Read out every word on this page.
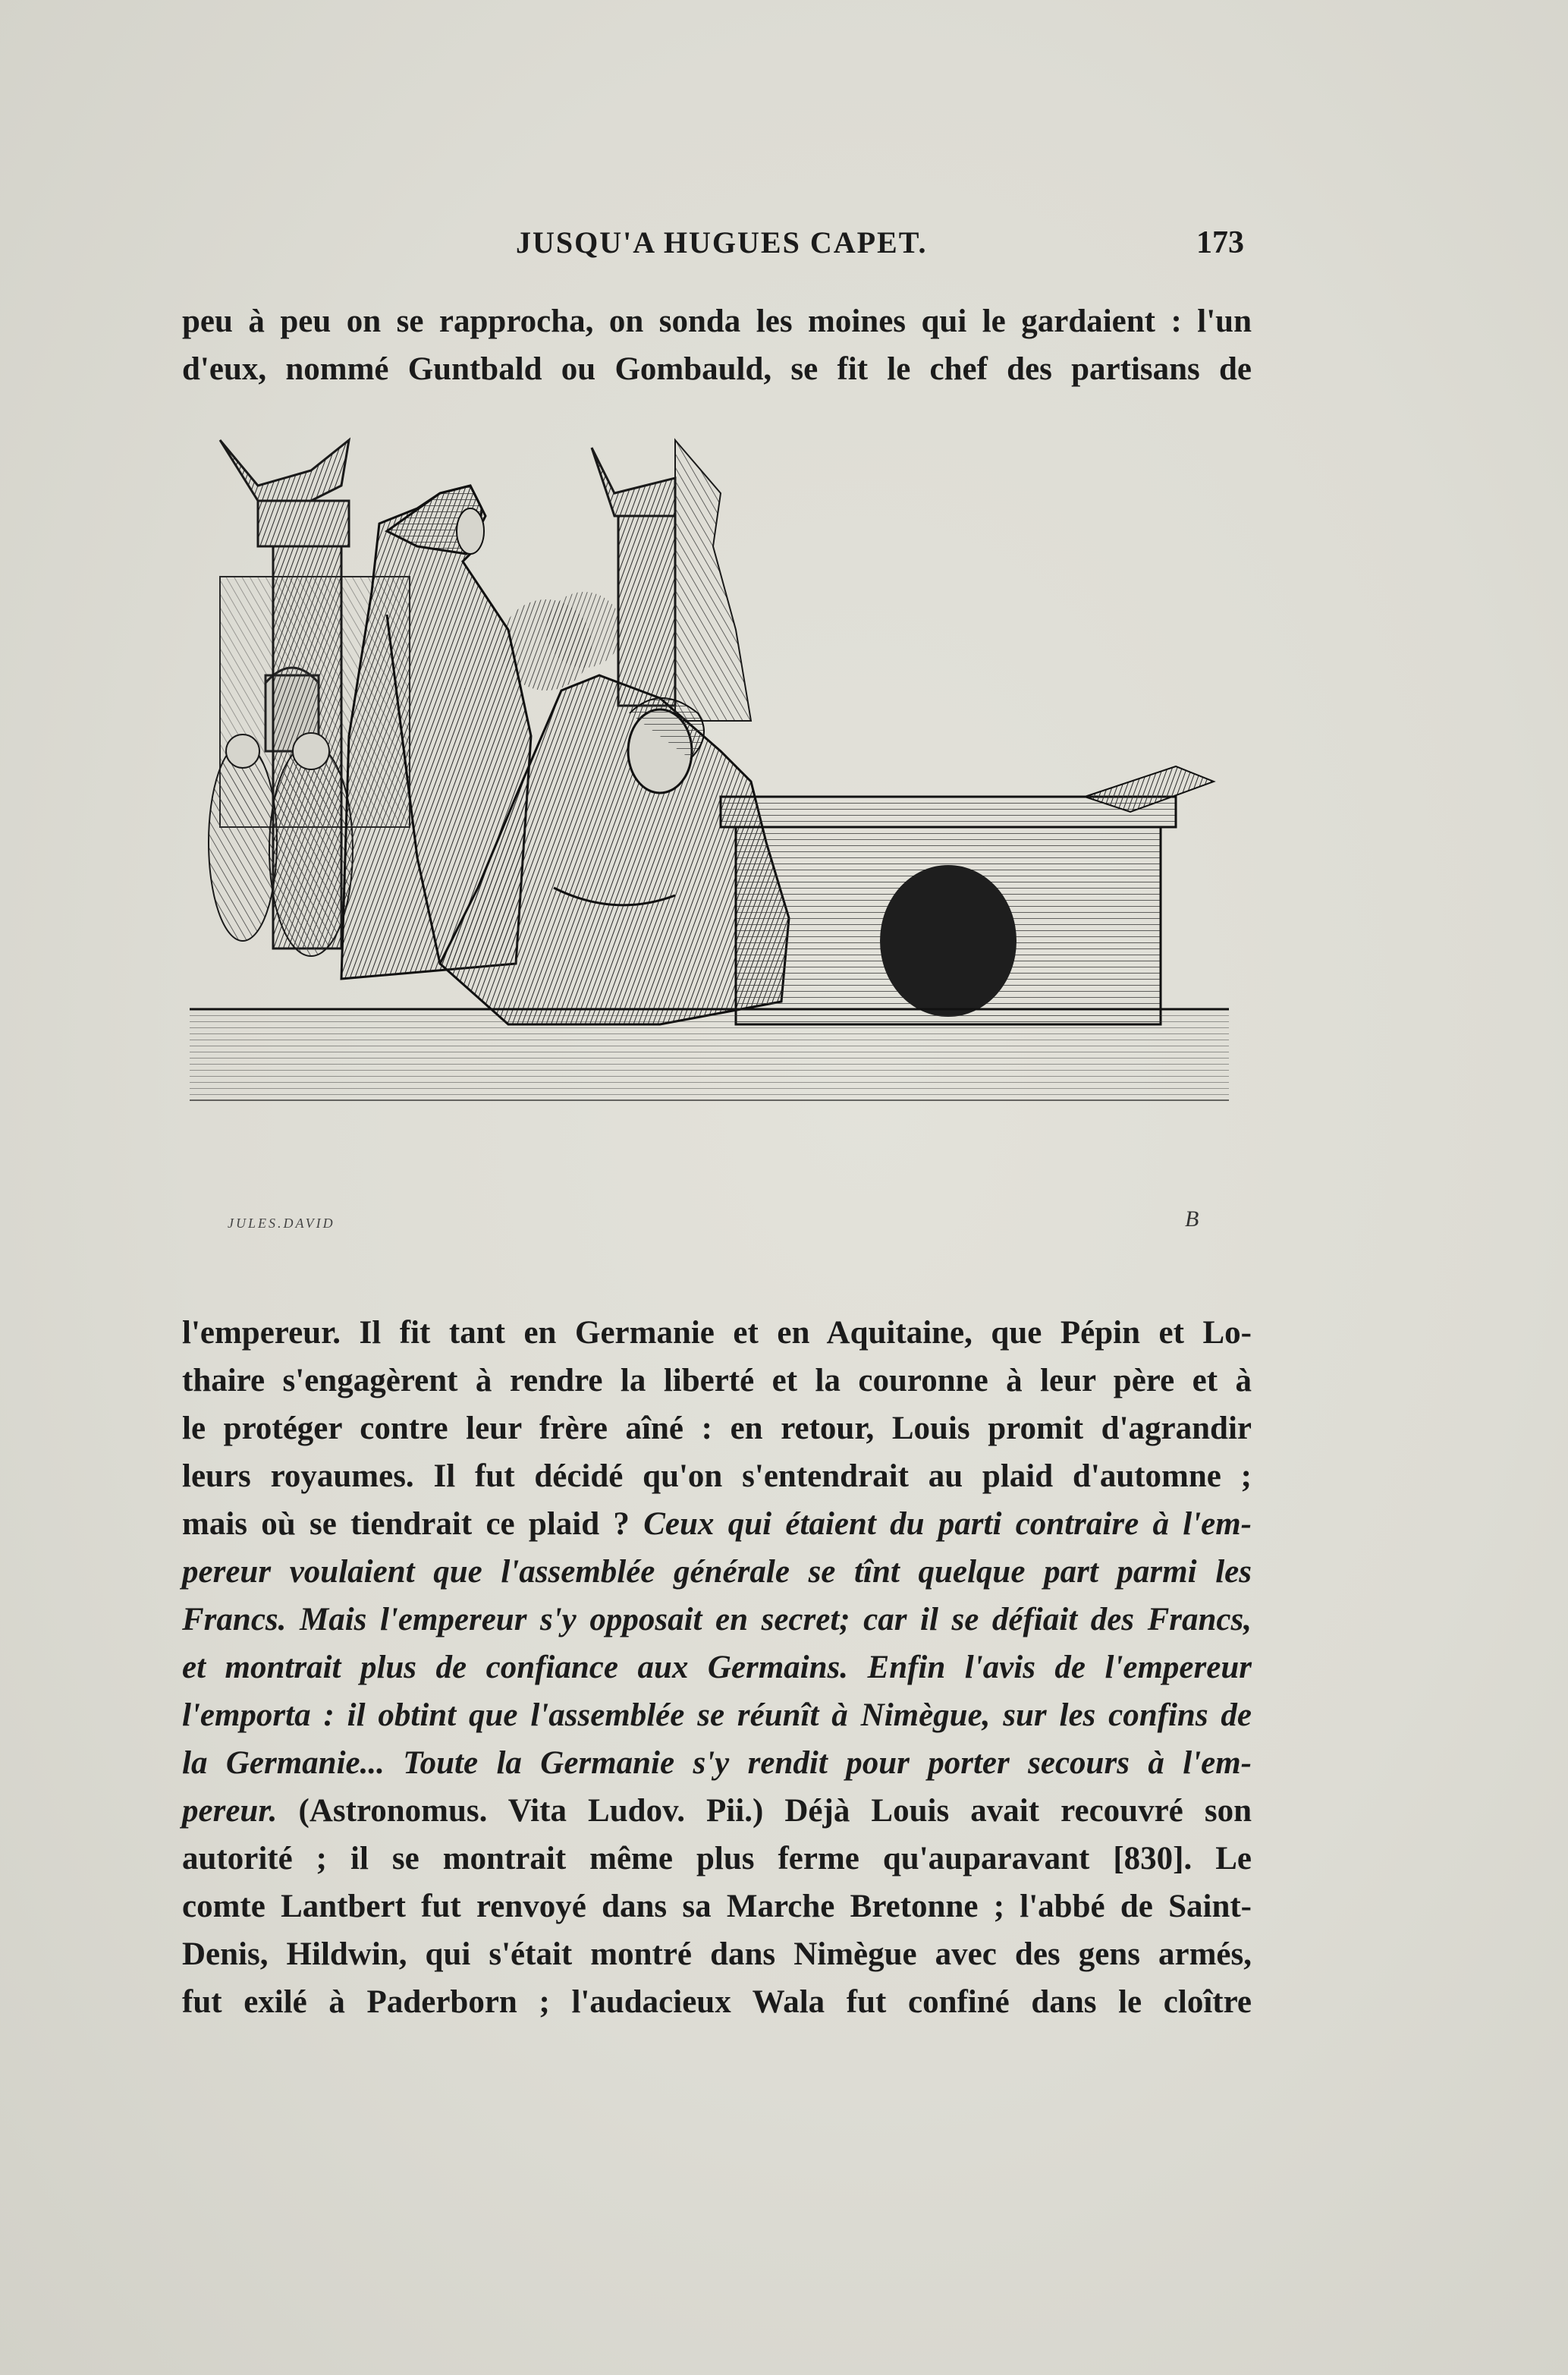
JUSQU'A HUGUES CAPET.	173
peu à peu on se rapprocha, on sonda les moines qui le gardaient : l'un
d'eux, nommé Guntbald ou Gombauld, se fit le chef des partisans de
JULES.DAVID	B
l'empereur. Il fit tant en Germanie et en Aquitaine, que Pépin et Lo-
thaire s'engagèrent à rendre la liberté et la couronne à leur père et à
le protéger contre leur frère aîné : en retour, Louis promit d'agrandir
leurs royaumes. Il fut décidé qu'on s'entendrait au plaid d'automne ;
mais où se tiendrait ce plaid ? Ceux qui étaient du parti contraire à l'em-
pereur voulaient que l'assemblée générale se tînt quelque part parmi les
Francs. Mais l'empereur s'y opposait en secret; car il se défiait des Francs,
et montrait plus de confiance aux Germains. Enfin l'avis de l'empereur
l'emporta : il obtint que l'assemblée se réunît à Nimègue, sur les confins de
la Germanie... Toute la Germanie s'y rendit pour porter secours à l'em-
pereur. (Astronomus. Vita Ludov. Pii.) Déjà Louis avait recouvré son
autorité ; il se montrait même plus ferme qu'auparavant [830]. Le
comte Lantbert fut renvoyé dans sa Marche Bretonne ; l'abbé de Saint-
Denis, Hildwin, qui s'était montré dans Nimègue avec des gens armés,
fut exilé à Paderborn ; l'audacieux Wala fut confiné dans le cloître
